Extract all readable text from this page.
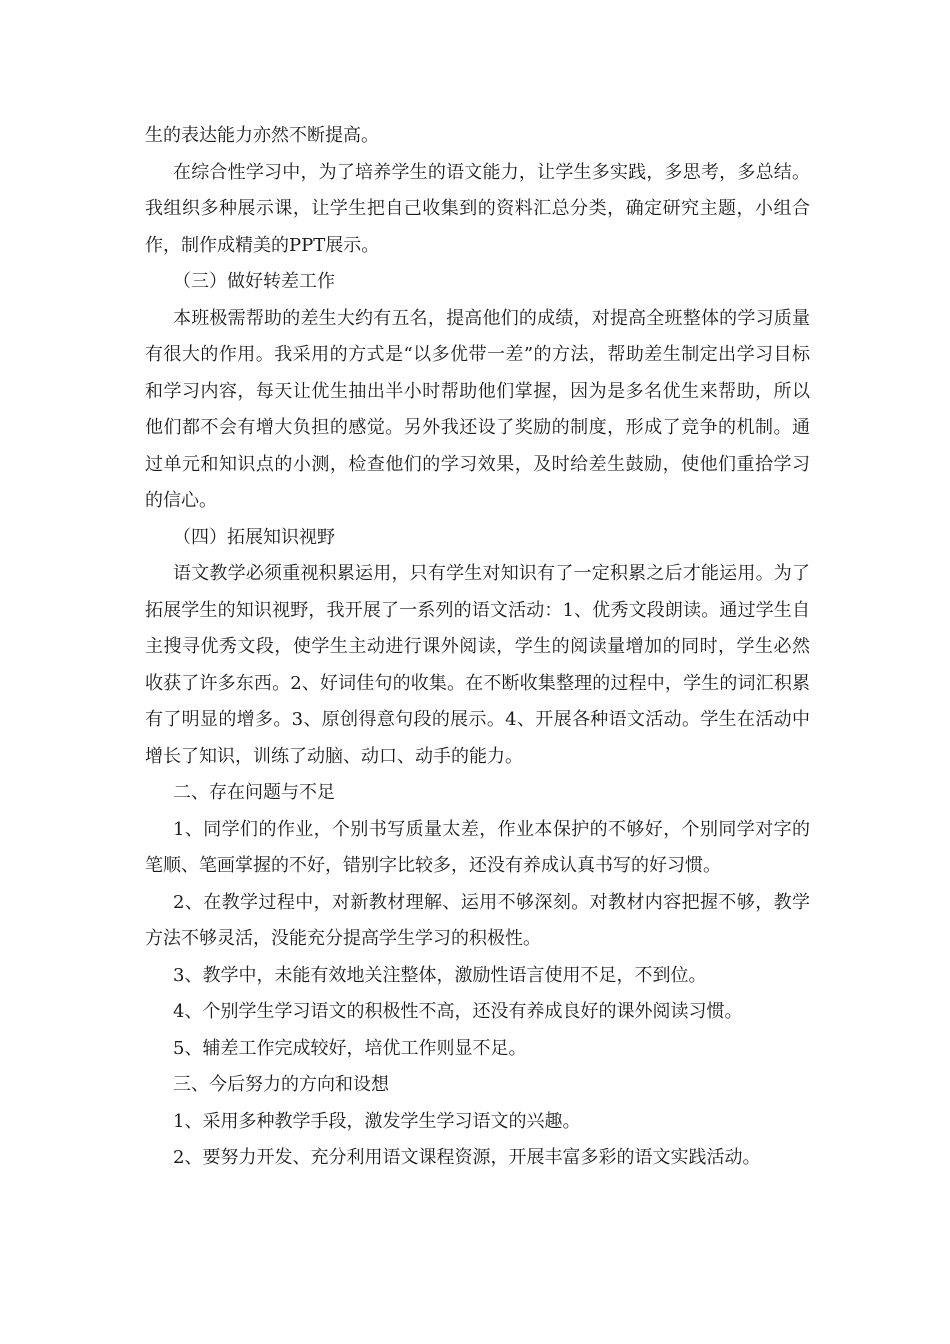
生的表达能力亦然不断提高。

在综合性学习中，为了培养学生的语文能力，让学生多实践，多思考，多总结。我组织多种展示课，让学生把自己收集到的资料汇总分类，确定研究主题，小组合作，制作成精美的PPT展示。

（三）做好转差工作

本班极需帮助的差生大约有五名，提高他们的成绩，对提高全班整体的学习质量有很大的作用。我采用的方式是“以多优带一差”的方法，帮助差生制定出学习目标和学习内容，每天让优生抽出半小时帮助他们掌握，因为是多名优生来帮助，所以他们都不会有增大负担的感觉。另外我还设了奖励的制度，形成了竞争的机制。通过单元和知识点的小测，检查他们的学习效果，及时给差生鼓励，使他们重拾学习的信心。

（四）拓展知识视野

语文教学必须重视积累运用，只有学生对知识有了一定积累之后才能运用。为了拓展学生的知识视野，我开展了一系列的语文活动：1、优秀文段朗读。通过学生自主搜寻优秀文段，使学生主动进行课外阅读，学生的阅读量增加的同时，学生必然收获了许多东西。2、好词佳句的收集。在不断收集整理的过程中，学生的词汇积累有了明显的增多。3、原创得意句段的展示。4、开展各种语文活动。学生在活动中增长了知识，训练了动脑、动口、动手的能力。

二、存在问题与不足

1、同学们的作业，个别书写质量太差，作业本保护的不够好，个别同学对字的笔顺、笔画掌握的不好，错别字比较多，还没有养成认真书写的好习惯。

2、在教学过程中，对新教材理解、运用不够深刻。对教材内容把握不够，教学方法不够灵活，没能充分提高学生学习的积极性。

3、教学中，未能有效地关注整体，激励性语言使用不足，不到位。

4、个别学生学习语文的积极性不高，还没有养成良好的课外阅读习惯。

5、辅差工作完成较好，培优工作则显不足。

三、今后努力的方向和设想

1、采用多种教学手段，激发学生学习语文的兴趣。

2、要努力开发、充分利用语文课程资源，开展丰富多彩的语文实践活动。
